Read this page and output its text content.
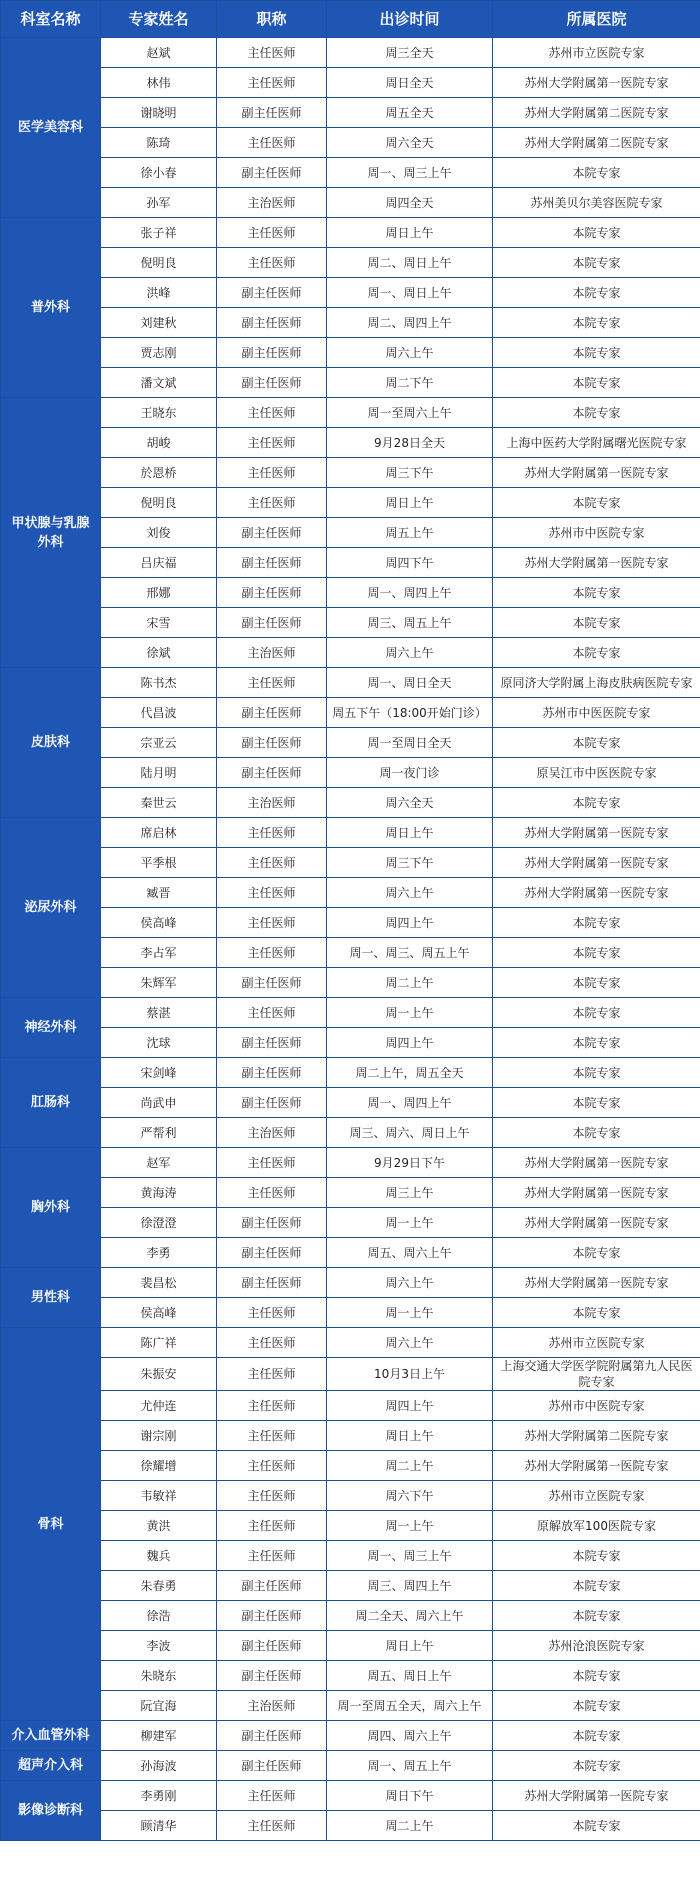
科室名称	专家姓名	职称	出诊时间	所属医院
医学美容科	赵斌	主任医师	周三全天	苏州市立医院专家
	林伟	主任医师	周日全天	苏州大学附属第一医院专家
	谢晓明	副主任医师	周五全天	苏州大学附属第二医院专家
	陈琦	主任医师	周六全天	苏州大学附属第二医院专家
	徐小春	副主任医师	周一、周三上午	本院专家
	孙军	主治医师	周四全天	苏州美贝尔美容医院专家
普外科	张子祥	主任医师	周日上午	本院专家
	倪明良	主任医师	周二、周日上午	本院专家
	洪峰	副主任医师	周一、周日上午	本院专家
	刘建秋	副主任医师	周二、周四上午	本院专家
	贾志刚	副主任医师	周六上午	本院专家
	潘文斌	副主任医师	周二下午	本院专家
甲状腺与乳腺外科	王晓东	主任医师	周一至周六上午	本院专家
	胡峻	主任医师	9月28日全天	上海中医药大学附属曙光医院专家
	於恩桥	主任医师	周三下午	苏州大学附属第一医院专家
	倪明良	主任医师	周日上午	本院专家
	刘俊	副主任医师	周五上午	苏州市中医院专家
	吕庆福	副主任医师	周四下午	苏州大学附属第一医院专家
	邢娜	副主任医师	周一、周四上午	本院专家
	宋雪	副主任医师	周三、周五上午	本院专家
	徐斌	主治医师	周六上午	本院专家
皮肤科	陈书杰	主任医师	周一、周日全天	原同济大学附属上海皮肤病医院专家
	代昌波	副主任医师	周五下午（18:00开始门诊）	苏州市中医医院专家
	宗亚云	副主任医师	周一至周日全天	本院专家
	陆月明	副主任医师	周一夜门诊	原吴江市中医医院专家
	秦世云	主治医师	周六全天	本院专家
泌尿外科	席启林	主任医师	周日上午	苏州大学附属第一医院专家
	平季根	主任医师	周三下午	苏州大学附属第一医院专家
	臧晋	主任医师	周六上午	苏州大学附属第一医院专家
	侯高峰	主任医师	周四上午	本院专家
	李占军	主任医师	周一、周三、周五上午	本院专家
	朱辉军	副主任医师	周二上午	本院专家
神经外科	蔡湛	主任医师	周一上午	本院专家
	沈球	副主任医师	周四上午	本院专家
肛肠科	宋剑峰	副主任医师	周二上午，周五全天	本院专家
	尚武申	副主任医师	周一、周四上午	本院专家
	严帮利	主治医师	周三、周六、周日上午	本院专家
胸外科	赵军	主任医师	9月29日下午	苏州大学附属第一医院专家
	黄海涛	主任医师	周三上午	苏州大学附属第一医院专家
	徐澄澄	副主任医师	周一上午	苏州大学附属第一医院专家
	李勇	副主任医师	周五、周六上午	本院专家
男性科	裴昌松	副主任医师	周六上午	苏州大学附属第一医院专家
	侯高峰	主任医师	周一上午	本院专家
骨科	陈广祥	主任医师	周六上午	苏州市立医院专家
	朱振安	主任医师	10月3日上午	上海交通大学医学院附属第九人民医院专家
	尤仲连	主任医师	周四上午	苏州市中医院专家
	谢宗刚	主任医师	周日上午	苏州大学附属第二医院专家
	徐耀增	主任医师	周二上午	苏州大学附属第一医院专家
	韦敏祥	主任医师	周六下午	苏州市立医院专家
	黄洪	主任医师	周一上午	原解放军100医院专家
	魏兵	主任医师	周一、周三上午	本院专家
	朱春勇	副主任医师	周三、周四上午	本院专家
	徐浩	副主任医师	周二全天、周六上午	本院专家
	李波	副主任医师	周日上午	苏州沧浪医院专家
	朱晓东	副主任医师	周五、周日上午	本院专家
	阮宜海	主治医师	周一至周五全天，周六上午	本院专家
介入血管外科	柳建军	副主任医师	周四、周六上午	本院专家
超声介入科	孙海波	副主任医师	周一、周五上午	本院专家
影像诊断科	李勇刚	主任医师	周日下午	苏州大学附属第一医院专家
	顾清华	主任医师	周二上午	本院专家
